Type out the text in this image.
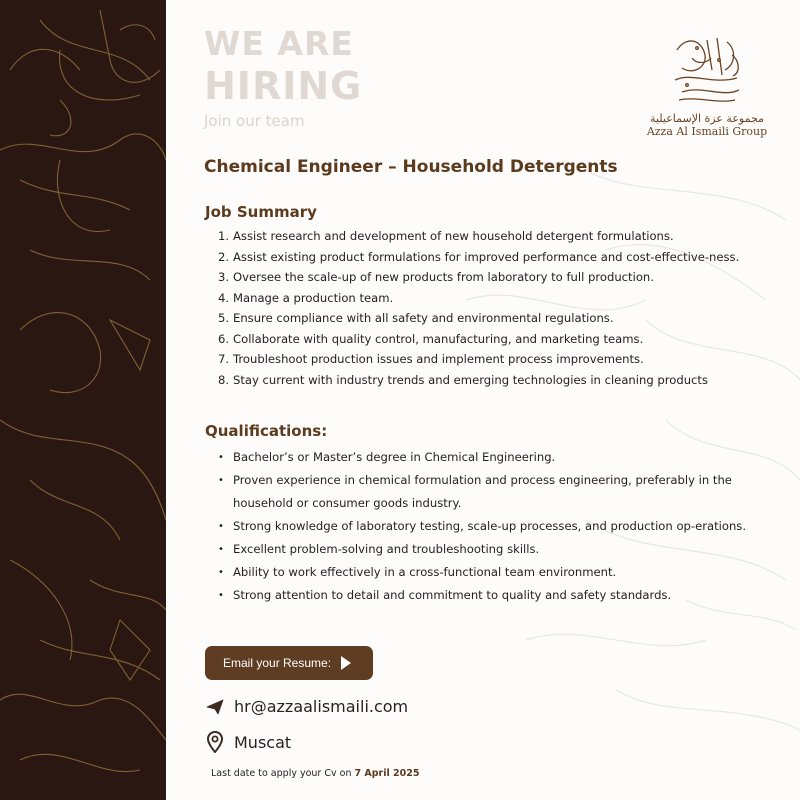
WE ARE
HIRING
Join our team	مجموعة عزة الإسماعيلية
Azza Al Ismaili Group
Chemical Engineer – Household Detergents
Job Summary
1. Assist research and development of new household detergent formulations.
2. Assist existing product formulations for improved performance and cost-effective-ness.
3. Oversee the scale-up of new products from laboratory to full production.
4. Manage a production team.
5. Ensure compliance with all safety and environmental regulations.
6. Collaborate with quality control, manufacturing, and marketing teams.
7. Troubleshoot production issues and implement process improvements.
8. Stay current with industry trends and emerging technologies in cleaning products
Qualifications:
• Bachelor’s or Master’s degree in Chemical Engineering.
• Proven experience in chemical formulation and process engineering, preferably in the household or consumer goods industry.
• Strong knowledge of laboratory testing, scale-up processes, and production op-erations.
• Excellent problem-solving and troubleshooting skills.
• Ability to work effectively in a cross-functional team environment.
• Strong attention to detail and commitment to quality and safety standards.
Email your Resume:
hr@azzaalismaili.com
Muscat
Last date to apply your Cv on 7 April 2025
